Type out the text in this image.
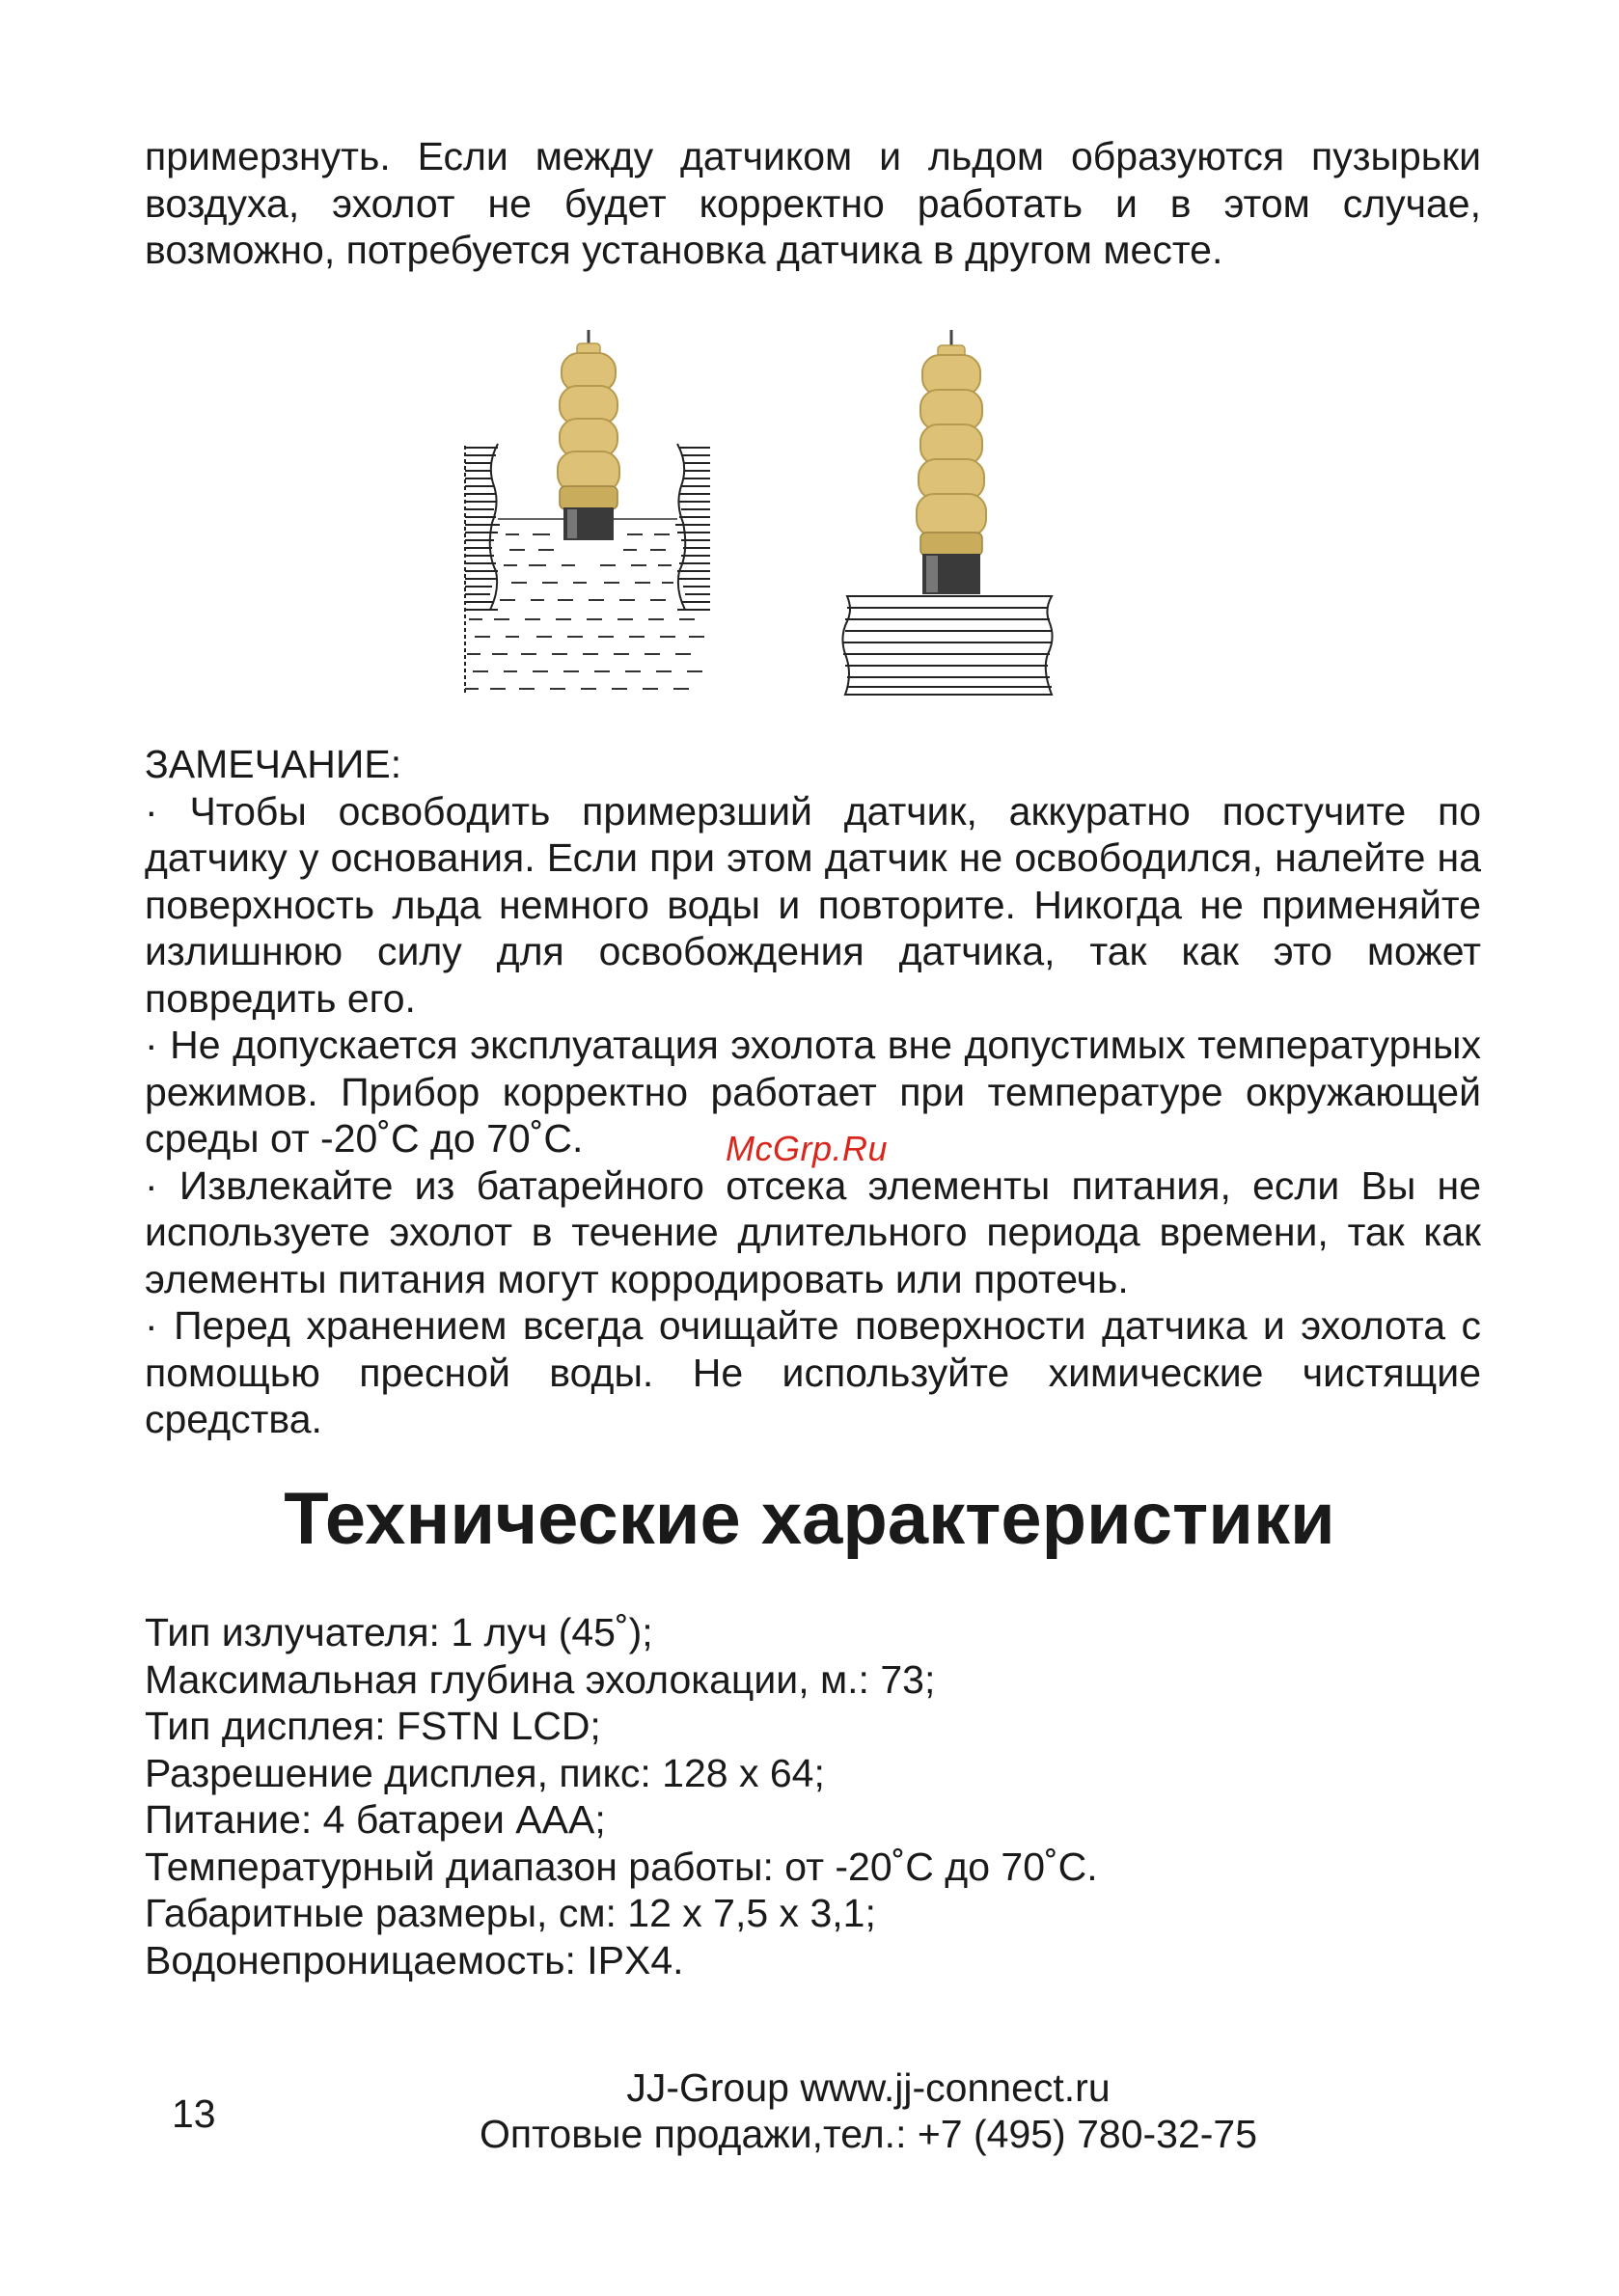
примерзнуть. Если между датчиком и льдом образуются пузырьки воздуха, эхолот не будет корректно работать и в этом случае, возможно, потребуется установка датчика в другом месте.

ЗАМЕЧАНИЕ:
· Чтобы освободить примерзший датчик, аккуратно постучите по датчику у основания. Если при этом датчик не освободился, налейте на поверхность льда немного воды и повторите. Никогда не применяйте излишнюю силу для освобождения датчика, так как это может повредить его.
· Не допускается эксплуатация эхолота вне допустимых температурных режимов. Прибор корректно работает при температуре окружающей среды от -20˚С до 70˚С.
· Извлекайте из батарейного отсека элементы питания, если Вы не используете эхолот в течение длительного периода времени, так как элементы питания могут корродировать или протечь.
· Перед хранением всегда очищайте поверхности датчика и эхолота с помощью пресной воды. Не используйте химические чистящие средства.
McGrp.Ru
Технические характеристики
Тип излучателя: 1 луч (45˚);
Максимальная глубина эхолокации, м.: 73;
Тип дисплея: FSTN LCD;
Разрешение дисплея, пикс: 128 х 64;
Питание: 4 батареи ААА;
Температурный диапазон работы: от -20˚С до 70˚С.
Габаритные размеры, см: 12 х 7,5 х 3,1;
Водонепроницаемость: IPX4.
13
JJ-Group www.jj-connect.ru
Оптовые продажи,тел.: +7 (495) 780-32-75
